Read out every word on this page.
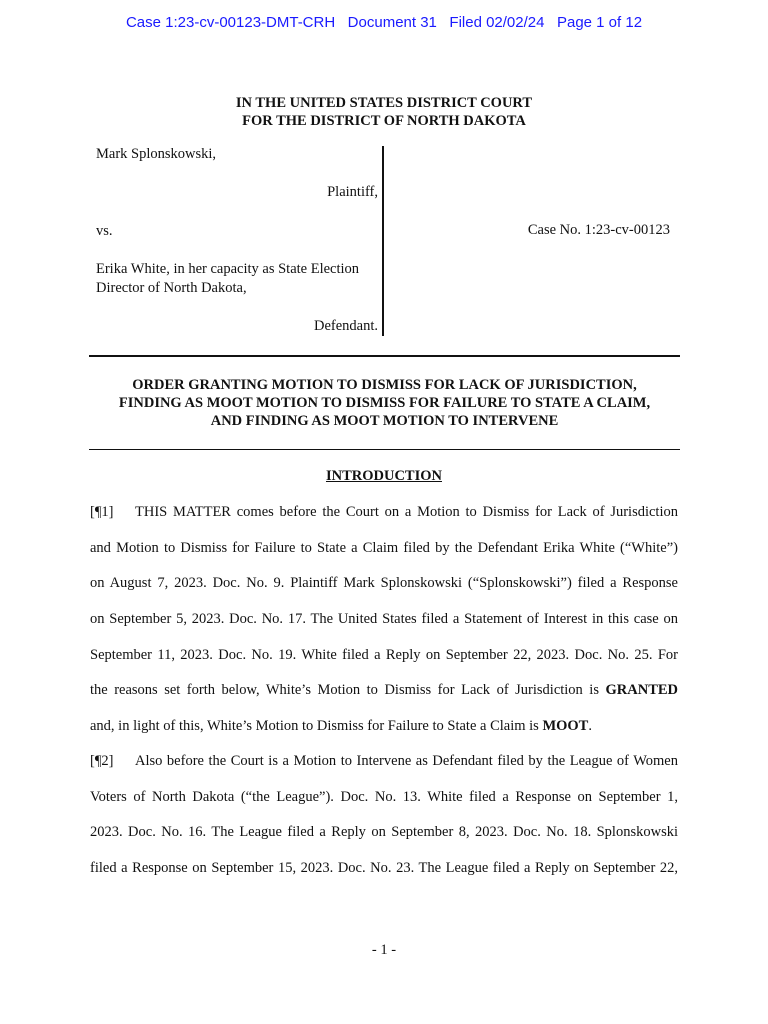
Case 1:23-cv-00123-DMT-CRH   Document 31   Filed 02/02/24   Page 1 of 12
IN THE UNITED STATES DISTRICT COURT
FOR THE DISTRICT OF NORTH DAKOTA
Mark Splonskowski,
Plaintiff,
vs.
Erika White, in her capacity as State Election
Director of North Dakota,
Defendant.
Case No. 1:23-cv-00123
ORDER GRANTING MOTION TO DISMISS FOR LACK OF JURISDICTION,
FINDING AS MOOT MOTION TO DISMISS FOR FAILURE TO STATE A CLAIM,
AND FINDING AS MOOT MOTION TO INTERVENE
INTRODUCTION
[¶1] THIS MATTER comes before the Court on a Motion to Dismiss for Lack of Jurisdiction
and Motion to Dismiss for Failure to State a Claim filed by the Defendant Erika White (“White”)
on August 7, 2023. Doc. No. 9. Plaintiff Mark Splonskowski (“Splonskowski”) filed a Response
on September 5, 2023. Doc. No. 17. The United States filed a Statement of Interest in this case on
September 11, 2023. Doc. No. 19. White filed a Reply on September 22, 2023. Doc. No. 25. For
the reasons set forth below, White’s Motion to Dismiss for Lack of Jurisdiction is GRANTED
and, in light of this, White’s Motion to Dismiss for Failure to State a Claim is MOOT.
[¶2] Also before the Court is a Motion to Intervene as Defendant filed by the League of Women
Voters of North Dakota (“the League”). Doc. No. 13. White filed a Response on September 1,
2023. Doc. No. 16. The League filed a Reply on September 8, 2023. Doc. No. 18. Splonskowski
filed a Response on September 15, 2023. Doc. No. 23. The League filed a Reply on September 22,
- 1 -
